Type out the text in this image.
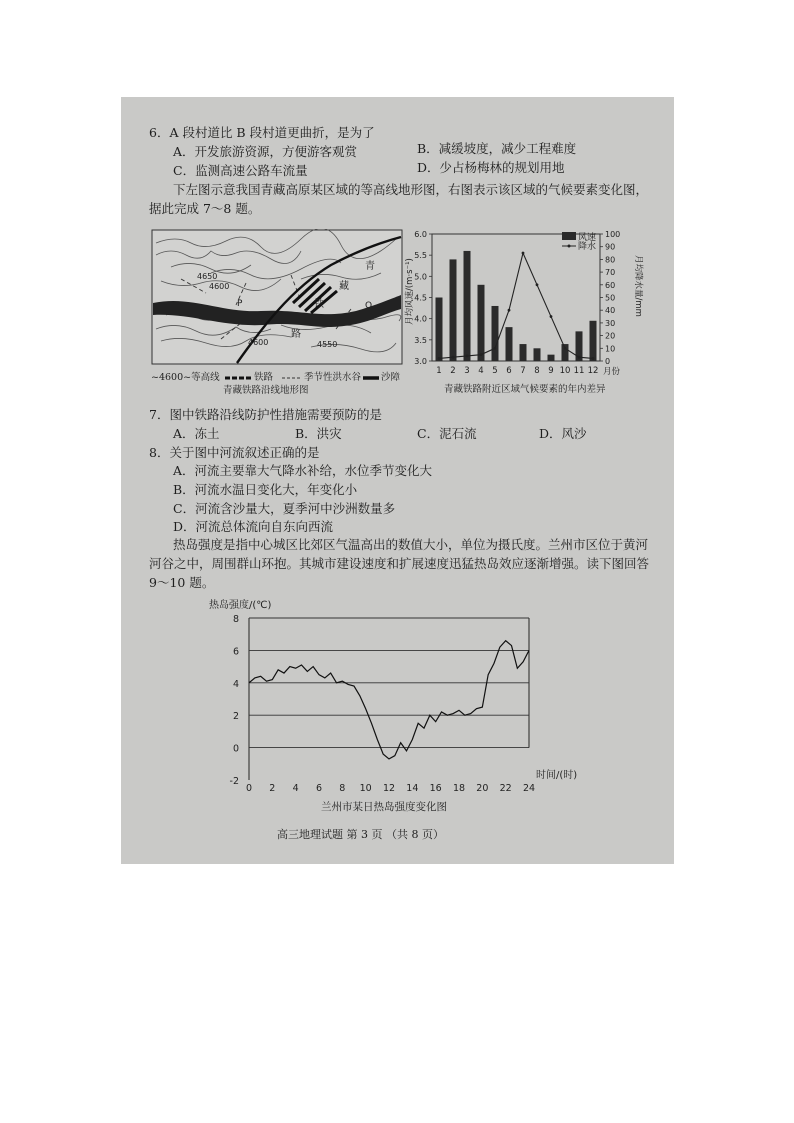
6．A 段村道比 B 段村道更曲折，是为了
A．开发旅游资源，方便游客观赏	B．减缓坡度，减少工程难度
C．监测高速公路车流量	D．少占杨梅林的规划用地
下左图示意我国青藏高原某区域的等高线地形图，右图表示该区域的气候要素变化图，
据此完成 7～8 题。
4650
4600
4600	4550
P	Q
青
藏
铁
路
~4600~等高线	铁路	季节性洪水谷 沙障
青藏铁路沿线地形图
3.0
3.5
4.0
4.5
5.0
5.5
6.0
0
10
20
30
40
50
60
70
80
90
100
1 2 3 4 5 6 7 8 9 10 11 12
风速
降水
月均风速/(m·s⁻¹)	月均降水量/mm
月份
青藏铁路附近区域气候要素的年内差异
7．图中铁路沿线防护性措施需要预防的是
A．冻土	B．洪灾	C．泥石流	D．风沙
8．关于图中河流叙述正确的是
A．河流主要靠大气降水补给，水位季节变化大
B．河流水温日变化大，年变化小
C．河流含沙量大，夏季河中沙洲数量多
D．河流总体流向自东向西流
热岛强度是指中心城区比郊区气温高出的数值大小，单位为摄氏度。兰州市区位于黄河
河谷之中，周围群山环抱。其城市建设速度和扩展速度迅猛热岛效应逐渐增强。读下图回答
9～10 题。
热岛强度/(℃)
-2
0
2
4
6
8
0 2 4 6 8 10 12 14 16 18 20 22 24
时间/(时)
兰州市某日热岛强度变化图
高三地理试题 第 3 页 （共 8 页）
